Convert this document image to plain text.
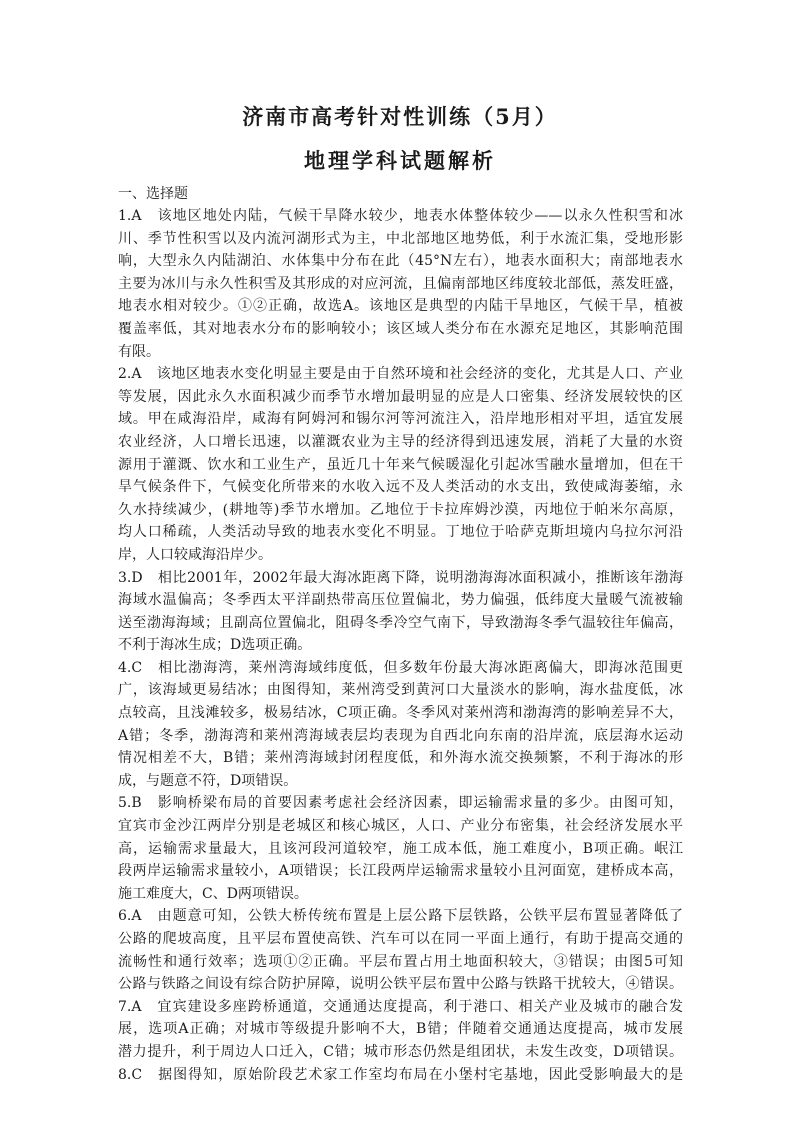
济南市高考针对性训练（5月）
地理学科试题解析
一、选择题
1.A　该地区地处内陆，气候干旱降水较少，地表水体整体较少——以永久性积雪和冰
川、季节性积雪以及内流河湖形式为主，中北部地区地势低，利于水流汇集，受地形影
响，大型永久内陆湖泊、水体集中分布在此（45°N左右），地表水面积大；南部地表水
主要为冰川与永久性积雪及其形成的对应河流，且偏南部地区纬度较北部低，蒸发旺盛，
地表水相对较少。①②正确，故选A。该地区是典型的内陆干旱地区，气候干旱，植被
覆盖率低，其对地表水分布的影响较小；该区域人类分布在水源充足地区，其影响范围
有限。
2.A　该地区地表水变化明显主要是由于自然环境和社会经济的变化，尤其是人口、产业
等发展，因此永久水面积减少而季节水增加最明显的应是人口密集、经济发展较快的区
域。甲在咸海沿岸，咸海有阿姆河和锡尔河等河流注入，沿岸地形相对平坦，适宜发展
农业经济，人口增长迅速，以灌溉农业为主导的经济得到迅速发展，消耗了大量的水资
源用于灌溉、饮水和工业生产，虽近几十年来气候暖湿化引起冰雪融水量增加，但在干
旱气候条件下，气候变化所带来的水收入远不及人类活动的水支出，致使咸海萎缩，永
久水持续减少，(耕地等)季节水增加。乙地位于卡拉库姆沙漠，丙地位于帕米尔高原，
均人口稀疏，人类活动导致的地表水变化不明显。丁地位于哈萨克斯坦境内乌拉尔河沿
岸，人口较咸海沿岸少。
3.D　相比2001年，2002年最大海冰距离下降，说明渤海海冰面积减小，推断该年渤海
海域水温偏高；冬季西太平洋副热带高压位置偏北，势力偏强，低纬度大量暖气流被输
送至渤海海域；且副高位置偏北，阻碍冬季冷空气南下，导致渤海冬季气温较往年偏高，
不利于海冰生成；D选项正确。
4.C　相比渤海湾，莱州湾海域纬度低，但多数年份最大海冰距离偏大，即海冰范围更
广，该海域更易结冰；由图得知，莱州湾受到黄河口大量淡水的影响，海水盐度低，冰
点较高，且浅滩较多，极易结冰，C项正确。冬季风对莱州湾和渤海湾的影响差异不大，
A错；冬季，渤海湾和莱州湾海域表层均表现为自西北向东南的沿岸流，底层海水运动
情况相差不大，B错；莱州湾海域封闭程度低，和外海水流交换频繁，不利于海冰的形
成，与题意不符，D项错误。
5.B　影响桥梁布局的首要因素考虑社会经济因素，即运输需求量的多少。由图可知，
宜宾市金沙江两岸分别是老城区和核心城区，人口、产业分布密集，社会经济发展水平
高，运输需求量最大，且该河段河道较窄，施工成本低，施工难度小，B项正确。岷江
段两岸运输需求量较小，A项错误；长江段两岸运输需求量较小且河面宽，建桥成本高，
施工难度大，C、D两项错误。
6.A　由题意可知，公铁大桥传统布置是上层公路下层铁路，公铁平层布置显著降低了
公路的爬坡高度，且平层布置使高铁、汽车可以在同一平面上通行，有助于提高交通的
流畅性和通行效率；选项①②正确。平层布置占用土地面积较大，③错误；由图5可知
公路与铁路之间设有综合防护屏障，说明公铁平层布置中公路与铁路干扰较大，④错误。
7.A　宜宾建设多座跨桥通道，交通通达度提高，利于港口、相关产业及城市的融合发
展，选项A正确；对城市等级提升影响不大，B错；伴随着交通通达度提高，城市发展
潜力提升，利于周边人口迁入，C错；城市形态仍然是组团状，未发生改变，D项错误。
8.C　据图得知，原始阶段艺术家工作室均布局在小堡村宅基地，因此受影响最大的是
